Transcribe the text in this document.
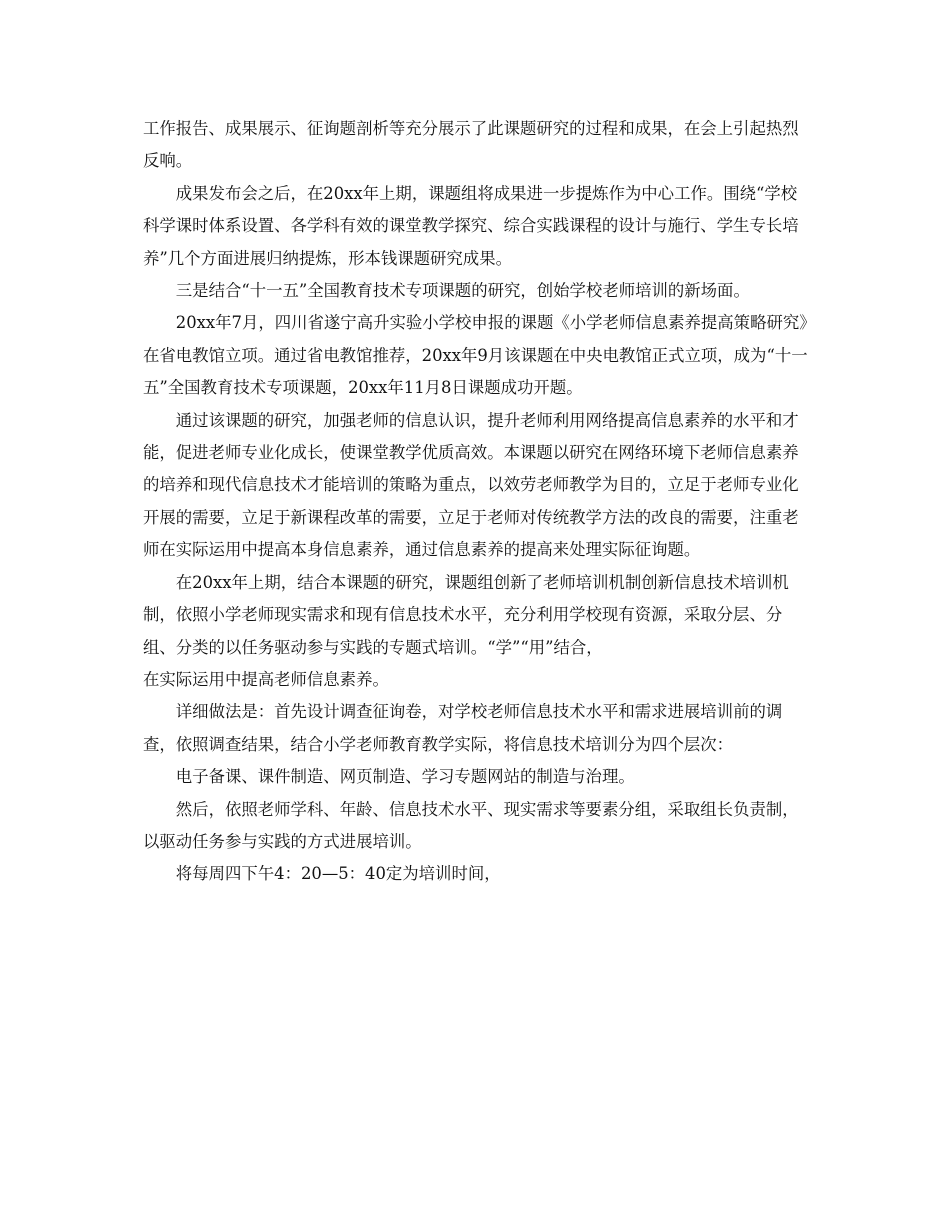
工作报告、成果展示、征询题剖析等充分展示了此课题研究的过程和成果，在会上引起热烈反响。

成果发布会之后，在20xx年上期，课题组将成果进一步提炼作为中心工作。围绕“学校科学课时体系设置、各学科有效的课堂教学探究、综合实践课程的设计与施行、学生专长培养”几个方面进展归纳提炼，形本钱课题研究成果。

三是结合“十一五”全国教育技术专项课题的研究，创始学校老师培训的新场面。

20xx年7月，四川省遂宁高升实验小学校申报的课题《小学老师信息素养提高策略研究》在省电教馆立项。通过省电教馆推荐，20xx年9月该课题在中央电教馆正式立项，成为“十一五”全国教育技术专项课题，20xx年11月8日课题成功开题。

通过该课题的研究，加强老师的信息认识，提升老师利用网络提高信息素养的水平和才能，促进老师专业化成长，使课堂教学优质高效。本课题以研究在网络环境下老师信息素养的培养和现代信息技术才能培训的策略为重点，以效劳老师教学为目的，立足于老师专业化开展的需要，立足于新课程改革的需要，立足于老师对传统教学方法的改良的需要，注重老师在实际运用中提高本身信息素养，通过信息素养的提高来处理实际征询题。

在20xx年上期，结合本课题的研究，课题组创新了老师培训机制创新信息技术培训机制，依照小学老师现实需求和现有信息技术水平，充分利用学校现有资源，采取分层、分组、分类的以任务驱动参与实践的专题式培训。“学”“用”结合，

在实际运用中提高老师信息素养。

详细做法是：首先设计调查征询卷，对学校老师信息技术水平和需求进展培训前的调查，依照调查结果，结合小学老师教育教学实际，将信息技术培训分为四个层次：

电子备课、课件制造、网页制造、学习专题网站的制造与治理。

然后，依照老师学科、年龄、信息技术水平、现实需求等要素分组，采取组长负责制，以驱动任务参与实践的方式进展培训。

将每周四下午4：20—5：40定为培训时间，
